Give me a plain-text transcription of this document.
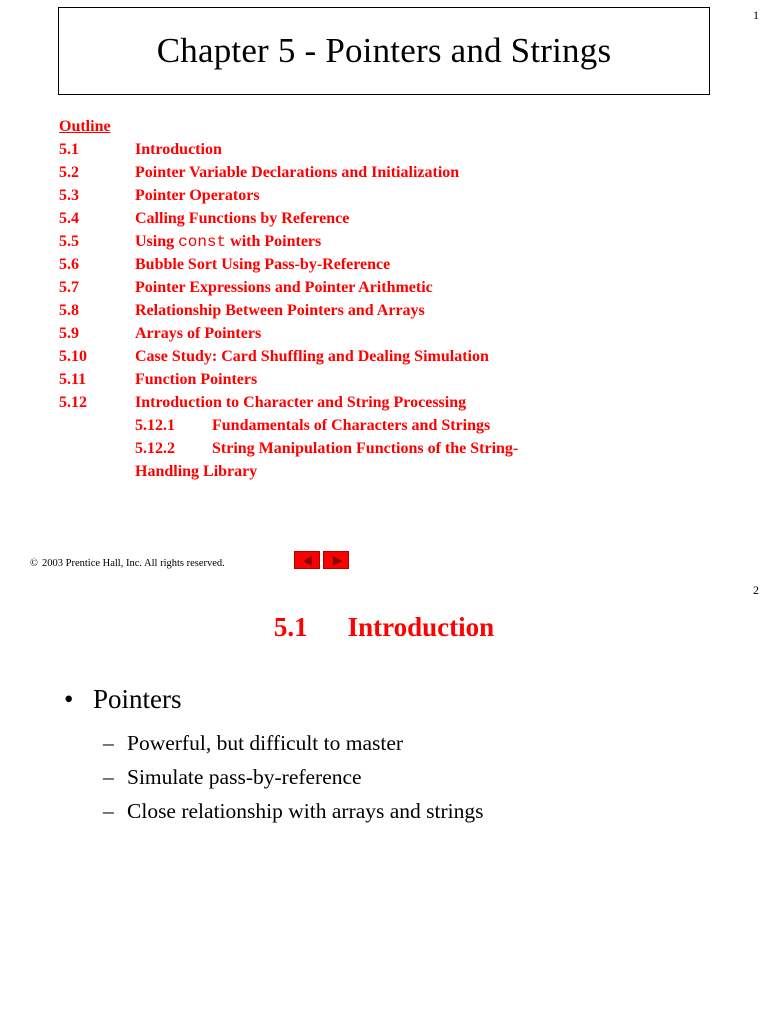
1
Chapter 5 - Pointers and Strings
Outline
5.1	Introduction
5.2	Pointer Variable Declarations and Initialization
5.3	Pointer Operators
5.4	Calling Functions by Reference
5.5	Using const with Pointers
5.6	Bubble Sort Using Pass-by-Reference
5.7	Pointer Expressions and Pointer Arithmetic
5.8	Relationship Between Pointers and Arrays
5.9	Arrays of Pointers
5.10	Case Study: Card Shuffling and Dealing Simulation
5.11	Function Pointers
5.12	Introduction to Character and String Processing
5.12.1 Fundamentals of Characters and Strings
5.12.2 String Manipulation Functions of the String-
Handling Library
© 2003 Prentice Hall, Inc. All rights reserved.
2
5.1 Introduction
• Pointers
– Powerful, but difficult to master
– Simulate pass-by-reference
– Close relationship with arrays and strings
